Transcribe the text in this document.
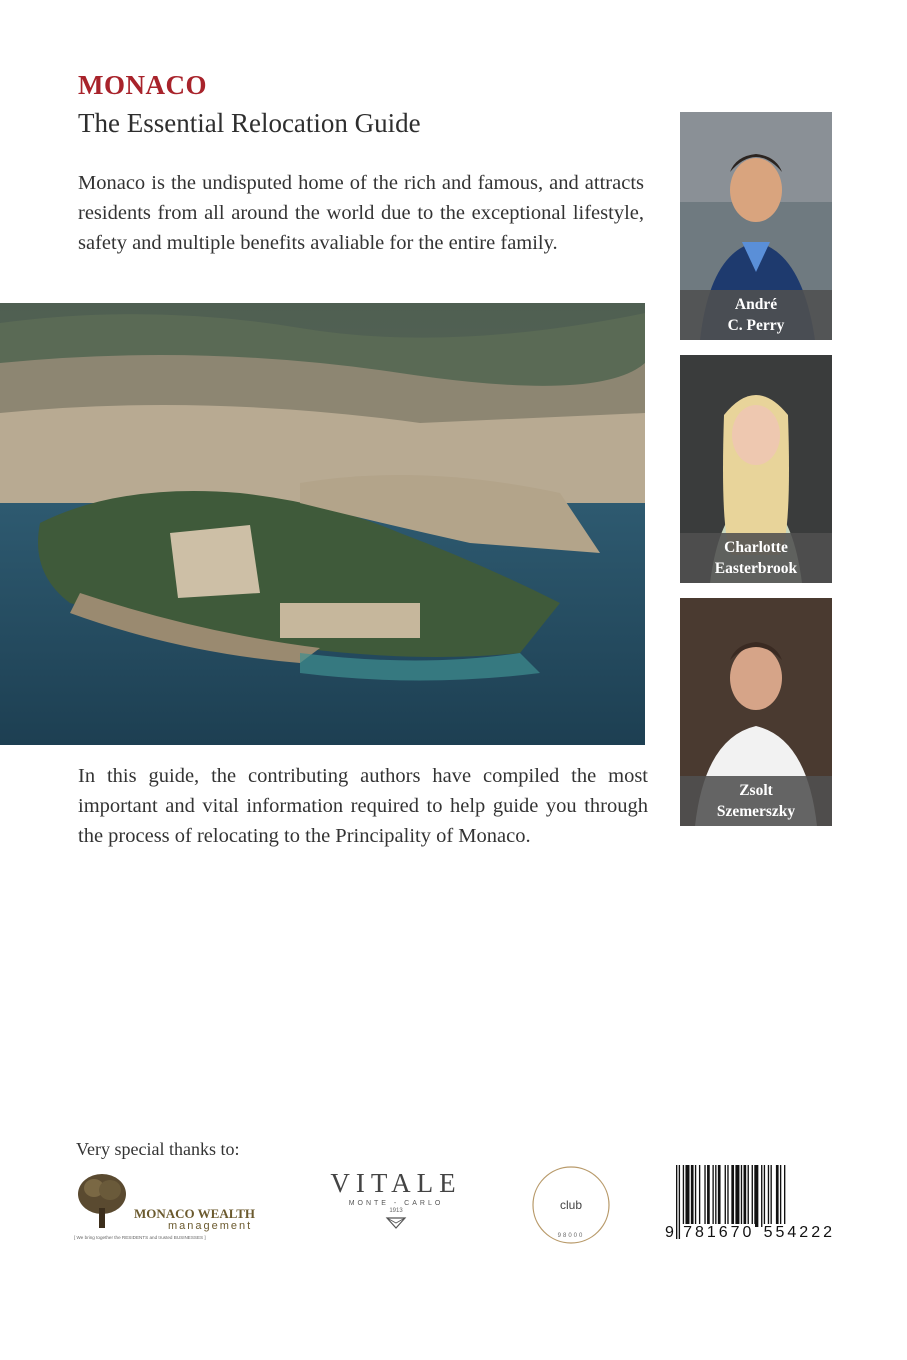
MONACO
The Essential Relocation Guide
Monaco is the undisputed home of the rich and famous, and attracts residents from all around the world due to the exceptional lifestyle, safety and multiple benefits avaliable for the entire family.
André
C. Perry
Charlotte
Easterbrook
Zsolt
Szemerszky
In this guide, the contributing authors have compiled the most important and vital information required to help guide you through the process of relocating to the Principality of Monaco.
Very special thanks to:
MONACO WEALTH
management
[ We bring together the RESIDENTS and trusted BUSINESSES ]
VITALE
MONTE - CARLO
1913	club
98000	9 781670 554222
